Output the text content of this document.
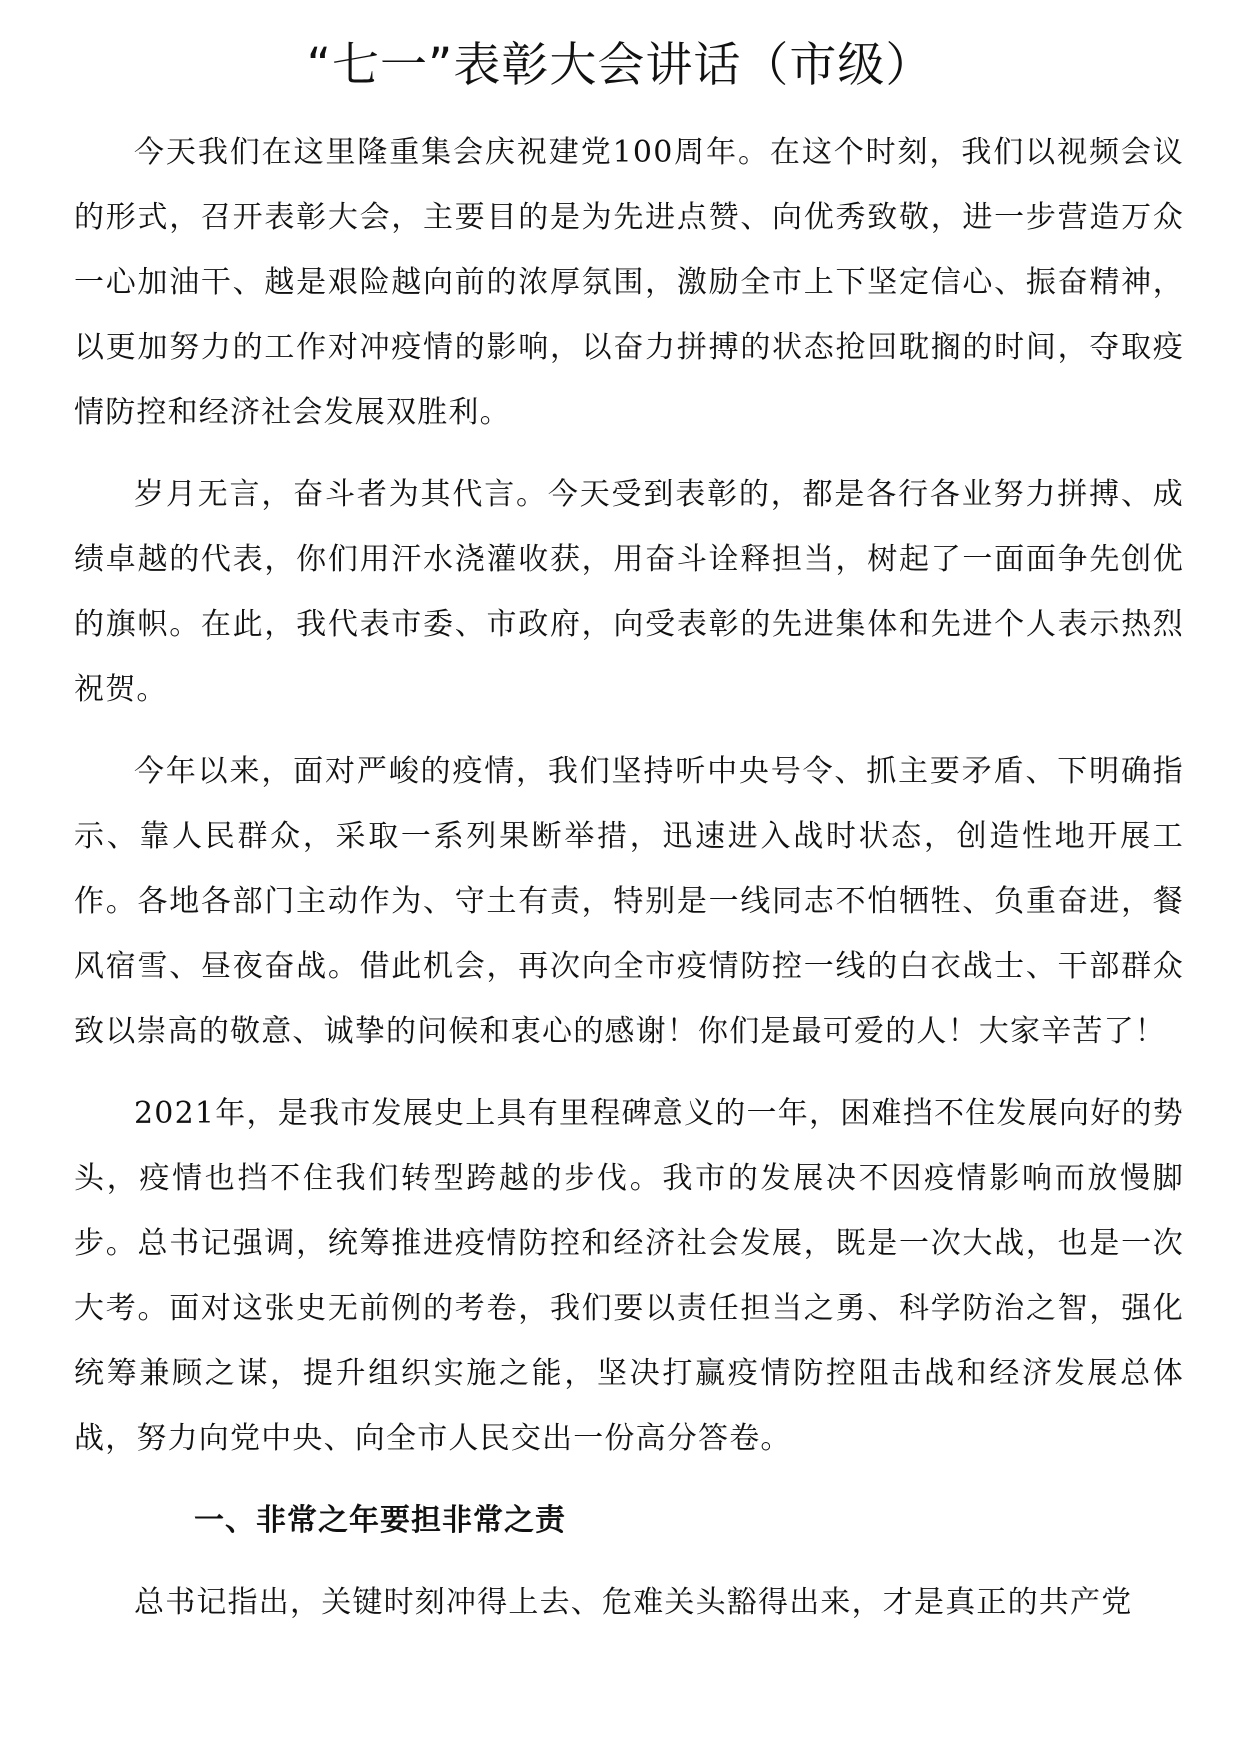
“七一”表彰大会讲话（市级）

今天我们在这里隆重集会庆祝建党100周年。在这个时刻，我们以视频会议的形式，召开表彰大会，主要目的是为先进点赞、向优秀致敬，进一步营造万众一心加油干、越是艰险越向前的浓厚氛围，激励全市上下坚定信心、振奋精神，以更加努力的工作对冲疫情的影响，以奋力拼搏的状态抢回耽搁的时间，夺取疫情防控和经济社会发展双胜利。

岁月无言，奋斗者为其代言。今天受到表彰的，都是各行各业努力拼搏、成绩卓越的代表，你们用汗水浇灌收获，用奋斗诠释担当，树起了一面面争先创优的旗帜。在此，我代表市委、市政府，向受表彰的先进集体和先进个人表示热烈祝贺。

今年以来，面对严峻的疫情，我们坚持听中央号令、抓主要矛盾、下明确指示、靠人民群众，采取一系列果断举措，迅速进入战时状态，创造性地开展工作。各地各部门主动作为、守土有责，特别是一线同志不怕牺牲、负重奋进，餐风宿雪、昼夜奋战。借此机会，再次向全市疫情防控一线的白衣战士、干部群众致以崇高的敬意、诚挚的问候和衷心的感谢！你们是最可爱的人！大家辛苦了！

2021年，是我市发展史上具有里程碑意义的一年，困难挡不住发展向好的势头，疫情也挡不住我们转型跨越的步伐。我市的发展决不因疫情影响而放慢脚步。总书记强调，统筹推进疫情防控和经济社会发展，既是一次大战，也是一次大考。面对这张史无前例的考卷，我们要以责任担当之勇、科学防治之智，强化统筹兼顾之谋，提升组织实施之能，坚决打赢疫情防控阻击战和经济发展总体战，努力向党中央、向全市人民交出一份高分答卷。

一、非常之年要担非常之责

总书记指出，关键时刻冲得上去、危难关头豁得出来，才是真正的共产党
